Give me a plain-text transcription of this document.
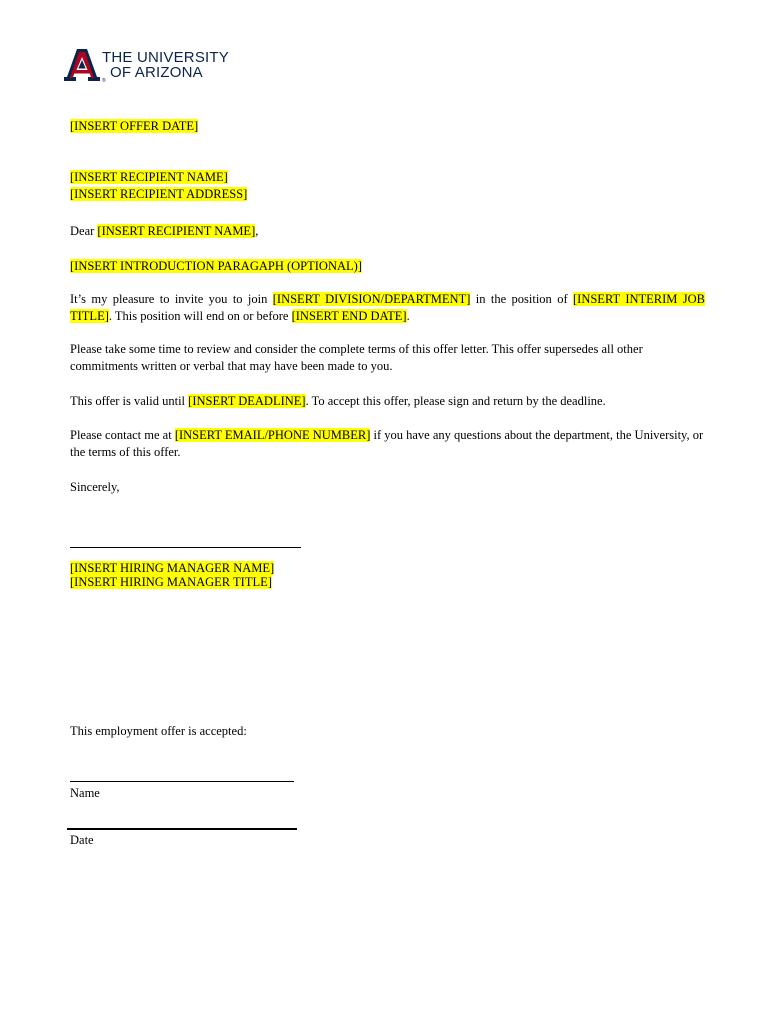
THE UNIVERSITY
® OF ARIZONA
[INSERT OFFER DATE]
[INSERT RECIPIENT NAME]
[INSERT RECIPIENT ADDRESS]
Dear [INSERT RECIPIENT NAME],
[INSERT INTRODUCTION PARAGAPH (OPTIONAL)]
It’s my pleasure to invite you to join [INSERT DIVISION/DEPARTMENT] in the position of [INSERT INTERIM JOB TITLE]. This position will end on or before [INSERT END DATE].
Please take some time to review and consider the complete terms of this offer letter. This offer supersedes all other commitments written or verbal that may have been made to you.
This offer is valid until [INSERT DEADLINE]. To accept this offer, please sign and return by the deadline.
Please contact me at [INSERT EMAIL/PHONE NUMBER] if you have any questions about the department, the University, or the terms of this offer.
Sincerely,
[INSERT HIRING MANAGER NAME]
[INSERT HIRING MANAGER TITLE]
This employment offer is accepted:
Name
Date
